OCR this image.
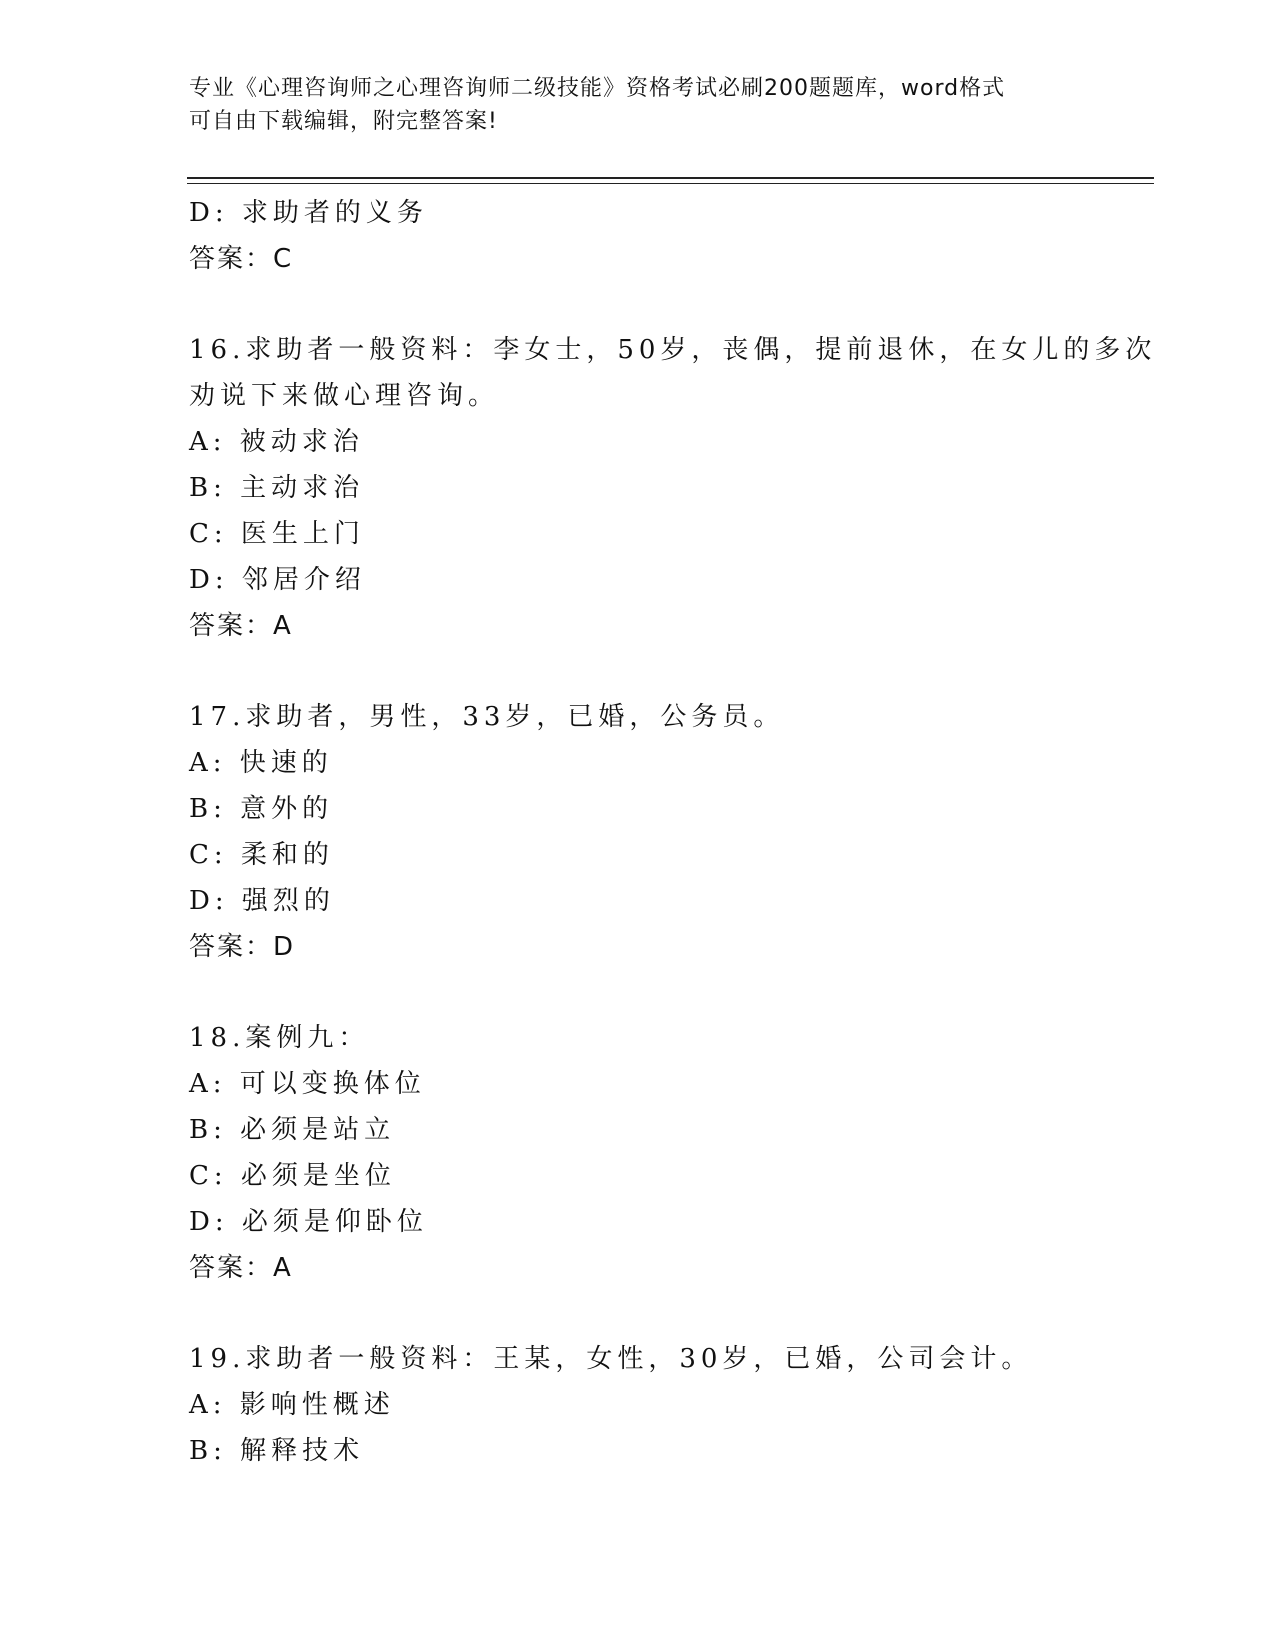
专业《心理咨询师之心理咨询师二级技能》资格考试必刷200题题库，word格式
可自由下载编辑，附完整答案!
D: 求助者的义务
答案：C
16.求助者一般资料：李女士，50岁，丧偶，提前退休，在女儿的多次
劝说下来做心理咨询。
A: 被动求治
B: 主动求治
C: 医生上门
D: 邻居介绍
答案：A
17.求助者，男性，33岁，已婚，公务员。
A: 快速的
B: 意外的
C: 柔和的
D: 强烈的
答案：D
18.案例九：
A: 可以变换体位
B: 必须是站立
C: 必须是坐位
D: 必须是仰卧位
答案：A
19.求助者一般资料：王某，女性，30岁，已婚，公司会计。
A: 影响性概述
B: 解释技术
